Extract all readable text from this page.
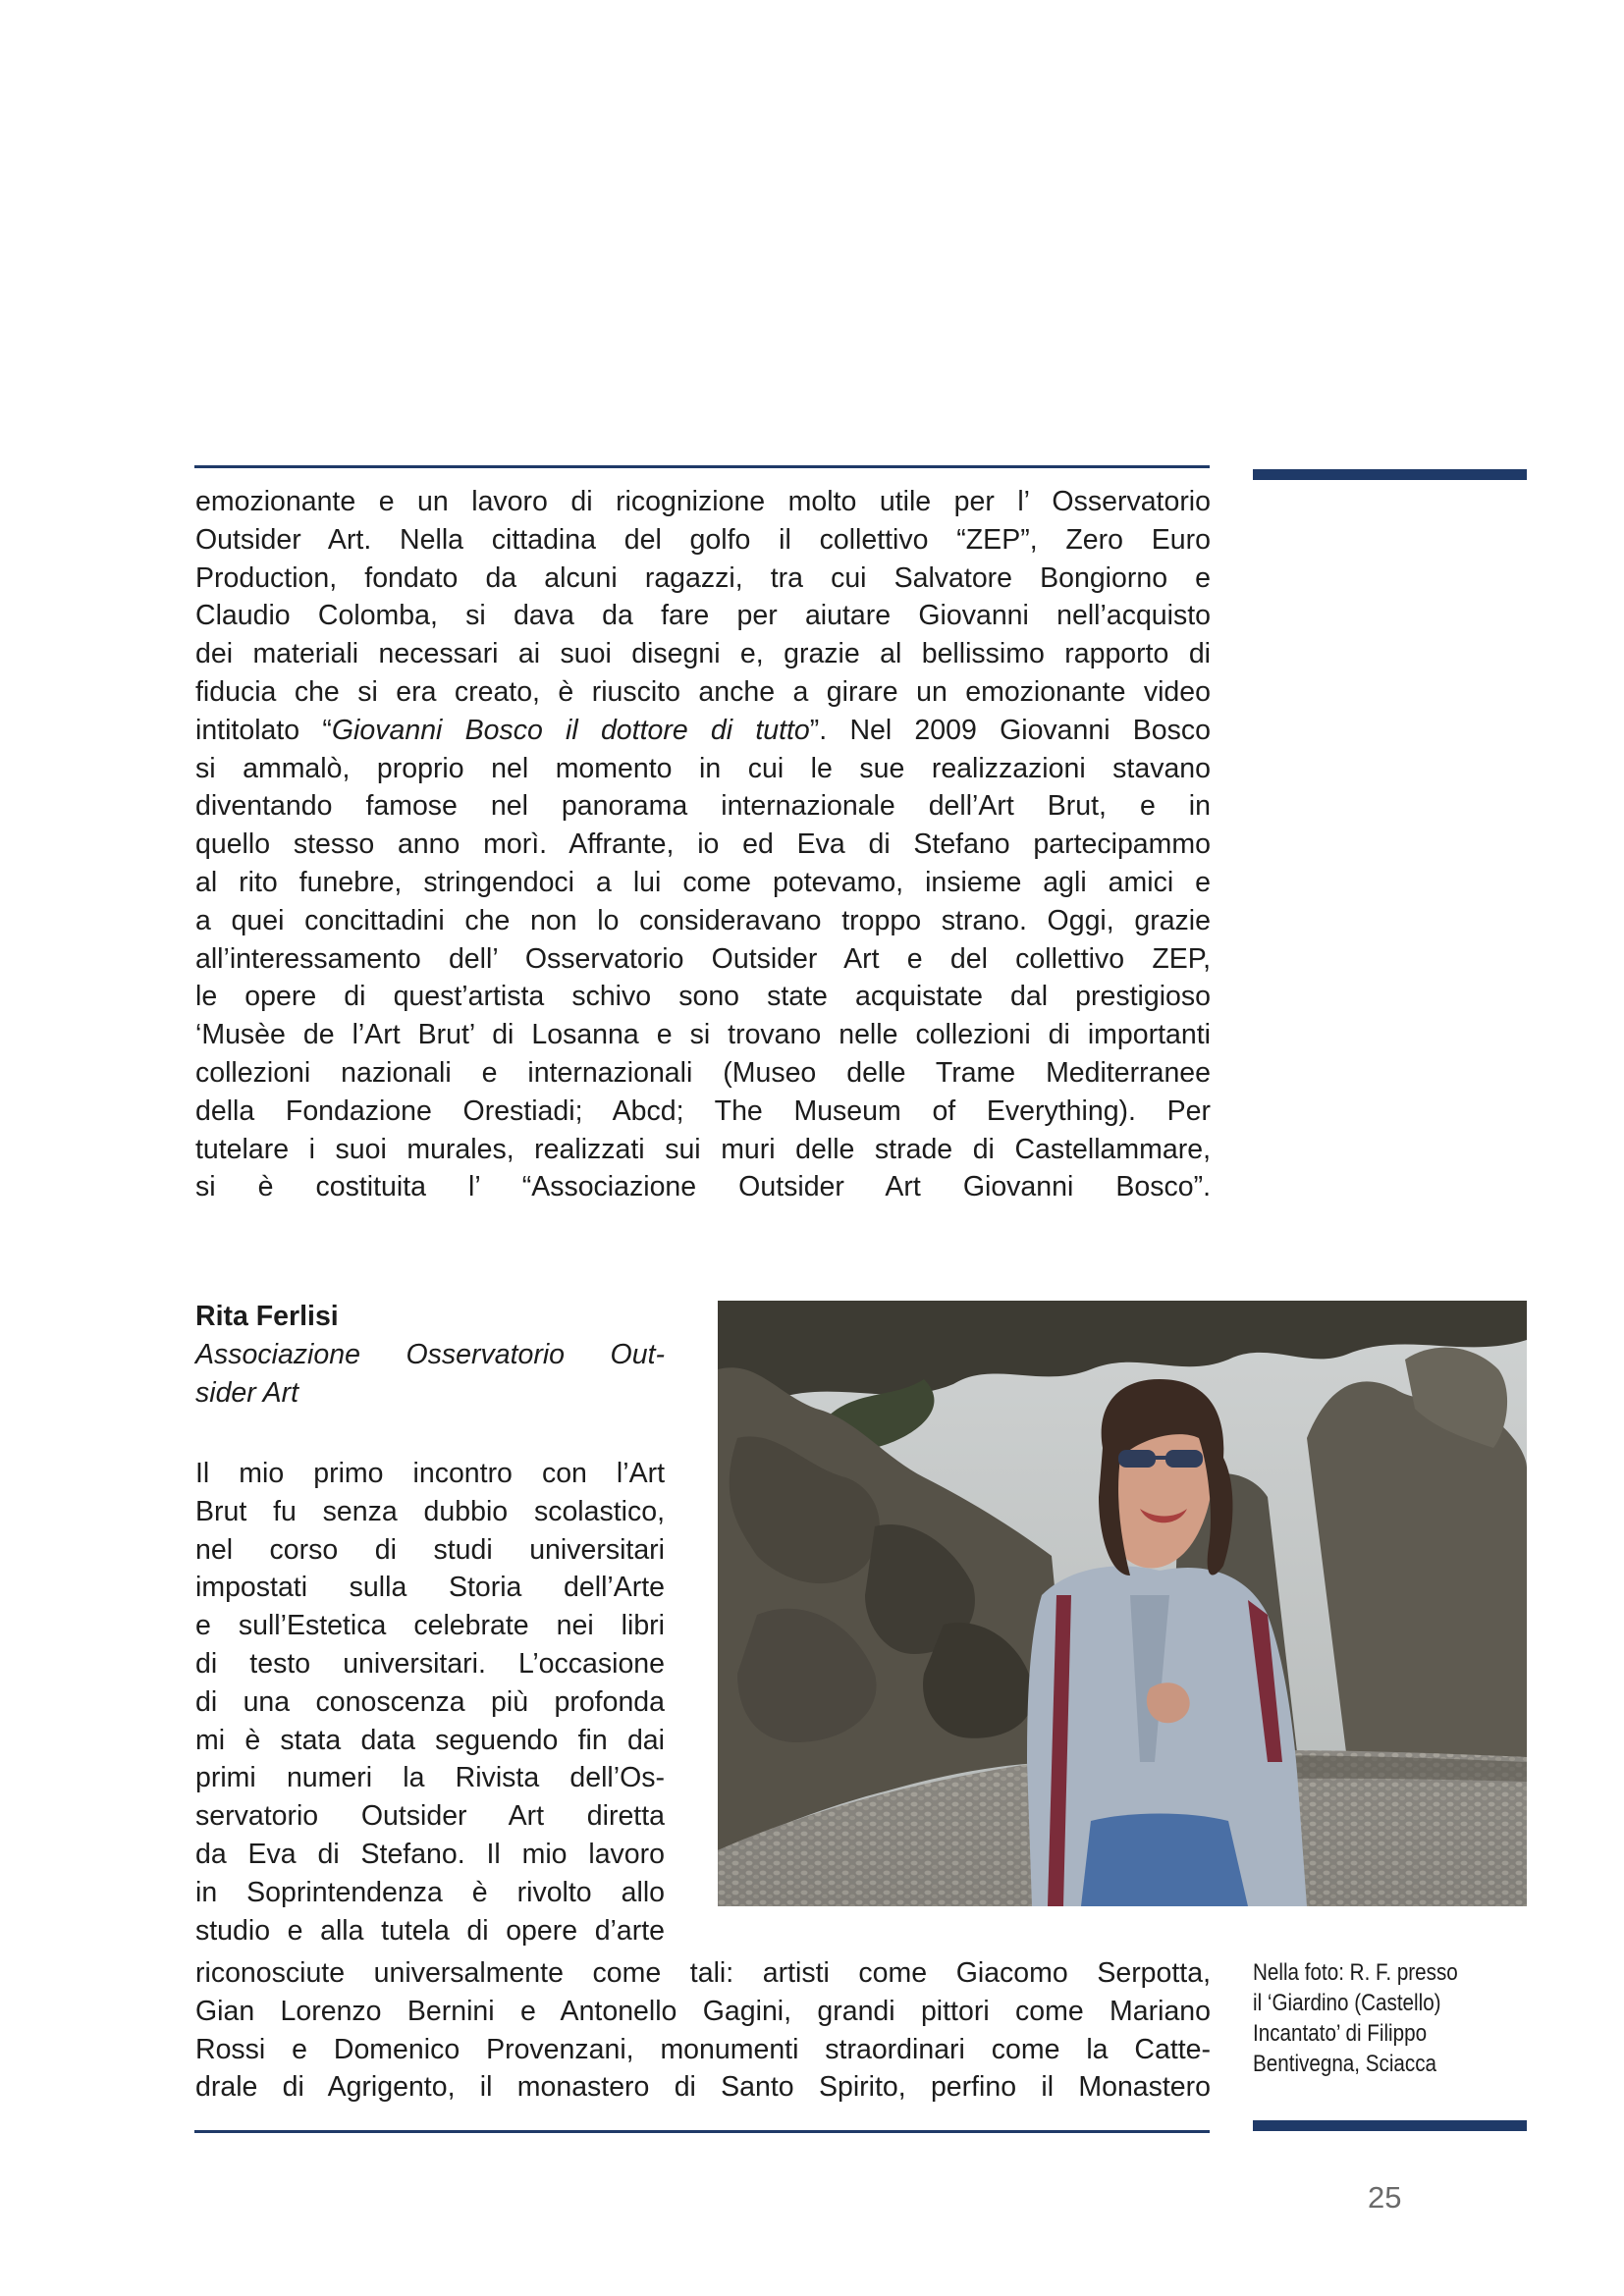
emozionante e un lavoro di ricognizione molto utile per l’ Osservatorio
Outsider Art. Nella cittadina del golfo il collettivo “ZEP”, Zero Euro
Production, fondato da alcuni ragazzi, tra cui Salvatore Bongiorno e
Claudio Colomba, si dava da fare per aiutare Giovanni nell’acquisto
dei materiali necessari ai suoi disegni e, grazie al bellissimo rapporto di
fiducia che si era creato, è riuscito anche a girare un emozionante video
intitolato “Giovanni Bosco il dottore di tutto”. Nel 2009 Giovanni Bosco
si ammalò, proprio nel momento in cui le sue realizzazioni stavano
diventando famose nel panorama internazionale dell’Art Brut, e in
quello stesso anno morì. Affrante, io ed Eva di Stefano partecipammo
al rito funebre, stringendoci a lui come potevamo, insieme agli amici e
a quei concittadini che non lo consideravano troppo strano. Oggi, grazie
all’interessamento dell’ Osservatorio Outsider Art e del collettivo ZEP,
le opere di quest’artista schivo sono state acquistate dal prestigioso
‘Musèe de l’Art Brut’ di Losanna e si trovano nelle collezioni di importanti
collezioni nazionali e internazionali (Museo delle Trame Mediterranee
della Fondazione Orestiadi; Abcd; The Museum of Everything). Per
tutelare i suoi murales, realizzati sui muri delle strade di Castellammare,
si è costituita l’ “Associazione Outsider Art Giovanni Bosco”.

Rita Ferlisi

Associazione Osservatorio Out-
sider Art

Il mio primo incontro con l’Art
Brut fu senza dubbio scolastico,
nel corso di studi universitari
impostati sulla Storia dell’Arte
e sull’Estetica celebrate nei libri
di testo universitari. L’occasione
di una conoscenza più profonda
mi è stata data seguendo fin dai
primi numeri la Rivista dell’Os-
servatorio Outsider Art diretta
da Eva di Stefano. Il mio lavoro
in Soprintendenza è rivolto allo
studio e alla tutela di opere d’arte

riconosciute universalmente come tali: artisti come Giacomo Serpotta,
Gian Lorenzo Bernini e Antonello Gagini, grandi pittori come Mariano
Rossi e Domenico Provenzani, monumenti straordinari come la Catte-
drale di Agrigento, il monastero di Santo Spirito, perfino il Monastero

Nella foto: R. F. presso
il ‘Giardino (Castello)
Incantato’ di Filippo
Bentivegna, Sciacca

25
